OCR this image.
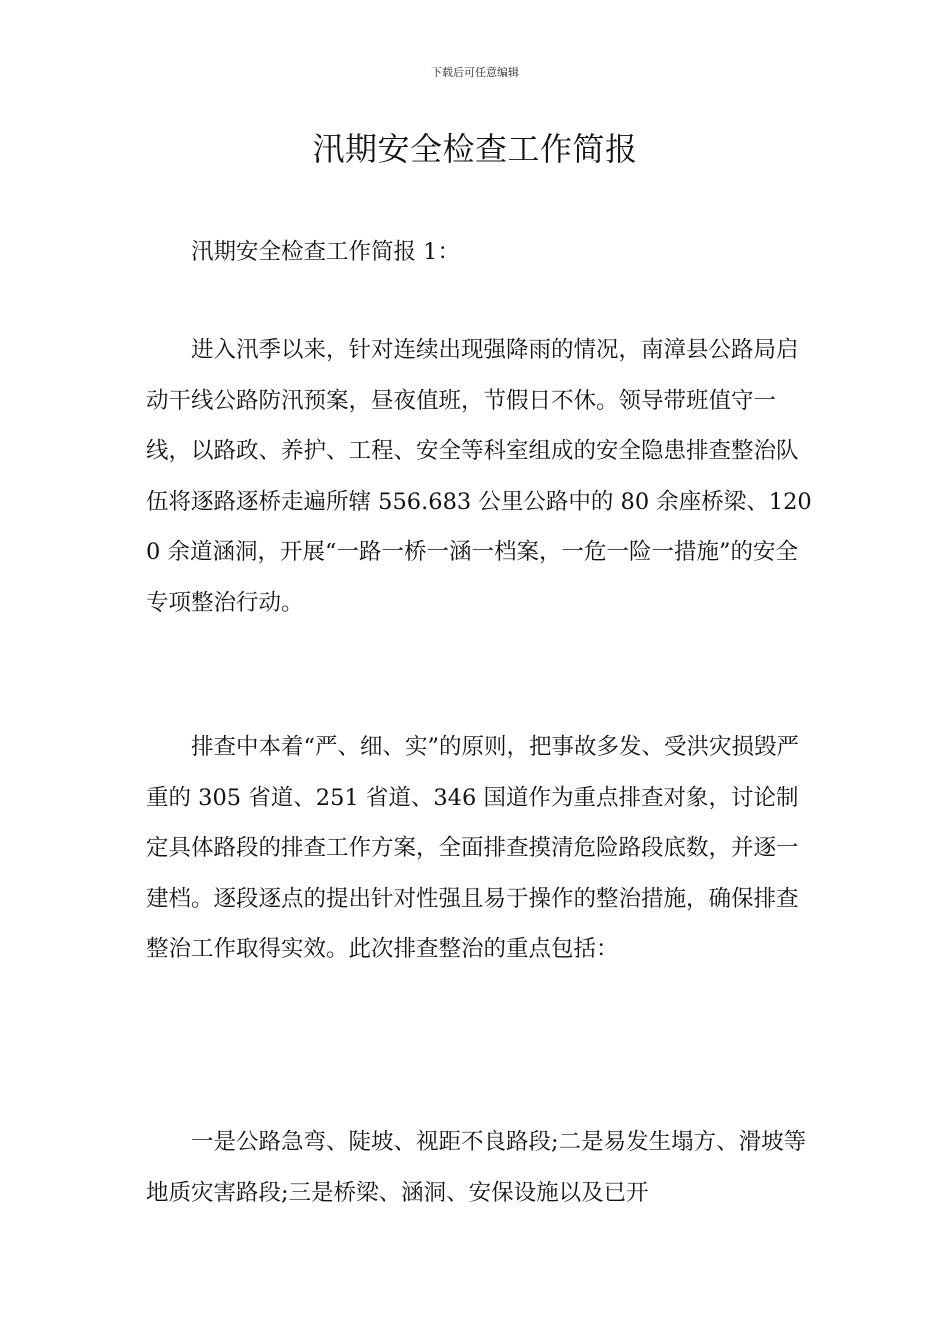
下载后可任意编辑
汛期安全检查工作简报

汛期安全检查工作简报 1：

进入汛季以来，针对连续出现强降雨的情况，南漳县公路局启动干线公路防汛预案，昼夜值班，节假日不休。领导带班值守一线，以路政、养护、工程、安全等科室组成的安全隐患排查整治队伍将逐路逐桥走遍所辖 556.683 公里公路中的 80 余座桥梁、1200 余道涵洞，开展“一路一桥一涵一档案，一危一险一措施”的安全专项整治行动。

排查中本着“严、细、实”的原则，把事故多发、受洪灾损毁严重的 305 省道、251 省道、346 国道作为重点排查对象，讨论制定具体路段的排查工作方案，全面排查摸清危险路段底数，并逐一建档。逐段逐点的提出针对性强且易于操作的整治措施，确保排查整治工作取得实效。此次排查整治的重点包括：

一是公路急弯、陡坡、视距不良路段;二是易发生塌方、滑坡等地质灾害路段;三是桥梁、涵洞、安保设施以及已开
